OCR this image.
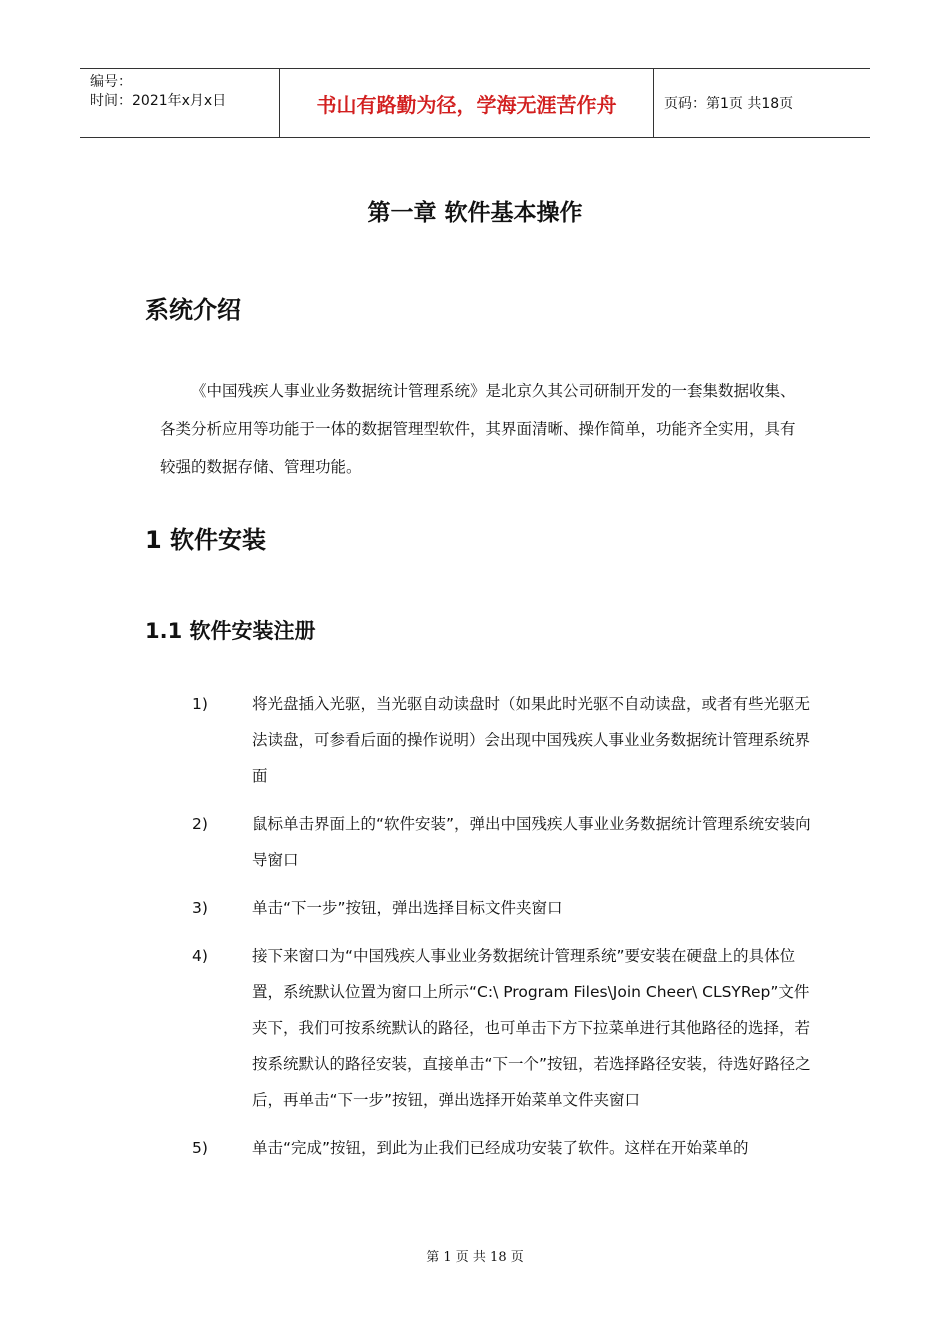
编号：
时间：2021年x月x日	书山有路勤为径，学海无涯苦作舟	页码：第1页 共18页
第一章 软件基本操作
系统介绍

《中国残疾人事业业务数据统计管理系统》是北京久其公司研制开发的一套集数据收集、各类分析应用等功能于一体的数据管理型软件，其界面清晰、操作简单，功能齐全实用，具有较强的数据存储、管理功能。

1 软件安装
1.1 软件安装注册
1)	将光盘插入光驱，当光驱自动读盘时（如果此时光驱不自动读盘，或者有些光驱无法读盘，可参看后面的操作说明）会出现中国残疾人事业业务数据统计管理系统界面
2)	鼠标单击界面上的“软件安装”，弹出中国残疾人事业业务数据统计管理系统安装向导窗口
3)	单击“下一步”按钮，弹出选择目标文件夹窗口
4)	接下来窗口为“中国残疾人事业业务数据统计管理系统”要安装在硬盘上的具体位置，系统默认位置为窗口上所示“C:\ Program Files\Join Cheer\ CLSYRep”文件夹下，我们可按系统默认的路径，也可单击下方下拉菜单进行其他路径的选择，若按系统默认的路径安装，直接单击“下一个”按钮，若选择路径安装，待选好路径之后，再单击“下一步”按钮，弹出选择开始菜单文件夹窗口
5)	单击“完成”按钮，到此为止我们已经成功安装了软件。这样在开始菜单的
第 1 页 共 18 页
